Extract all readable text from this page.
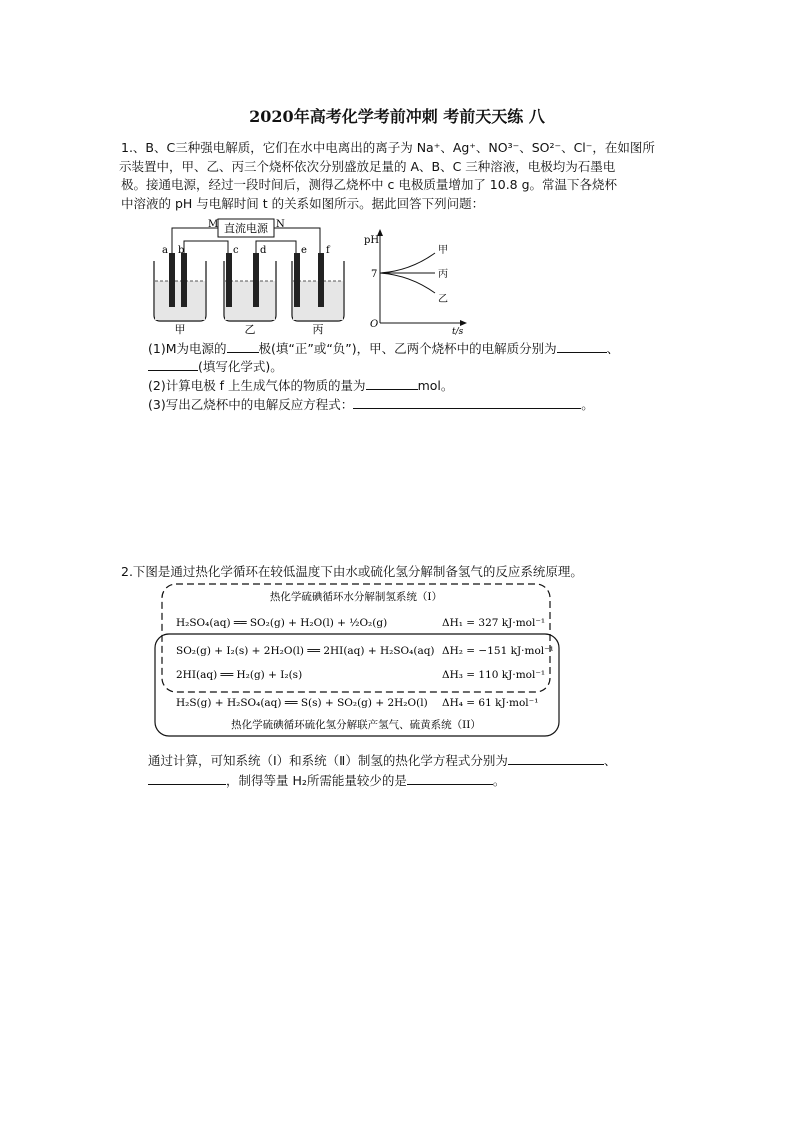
2020年高考化学考前冲刺 考前天天练 八
1.、B、C三种强电解质，它们在水中电离出的离子为 Na⁺、Ag⁺、NO³⁻、SO²⁻、Cl⁻，在如图所
示装置中，甲、乙、丙三个烧杯依次分别盛放足量的 A、B、C 三种溶液，电极均为石墨电
极。接通电源，经过一段时间后，测得乙烧杯中 c 电极质量增加了 10.8 g。常温下各烧杯
中溶液的 pH 与电解时间 t 的关系如图所示。据此回答下列问题：
直流电源
M	N
a b	c d	e f
甲	乙	丙
pH
t/s
O
7
甲
丙
乙
(1)M为电源的	极(填“正”或“负”)，甲、乙两个烧杯中的电解质分别为	、
(填写化学式)。
(2)计算电极 f 上生成气体的物质的量为	mol。
(3)写出乙烧杯中的电解反应方程式：	。
2.下图是通过热化学循环在较低温度下由水或硫化氢分解制备氢气的反应系统原理。
热化学硫碘循环水分解制氢系统（I）
H₂SO₄(aq) ══ SO₂(g) + H₂O(l) + ½O₂(g)	ΔH₁ = 327 kJ·mol⁻¹
SO₂(g) + I₂(s) + 2H₂O(l) ══ 2HI(aq) + H₂SO₄(aq) ΔH₂ = −151 kJ·mol⁻¹
2HI(aq) ══ H₂(g) + I₂(s)	ΔH₃ = 110 kJ·mol⁻¹
H₂S(g) + H₂SO₄(aq) ══ S(s) + SO₂(g) + 2H₂O(l) ΔH₄ = 61 kJ·mol⁻¹
热化学硫碘循环硫化氢分解联产氢气、硫黄系统（II）
通过计算，可知系统（Ⅰ）和系统（Ⅱ）制氢的热化学方程式分别为	、
，制得等量 H₂所需能量较少的是	。
